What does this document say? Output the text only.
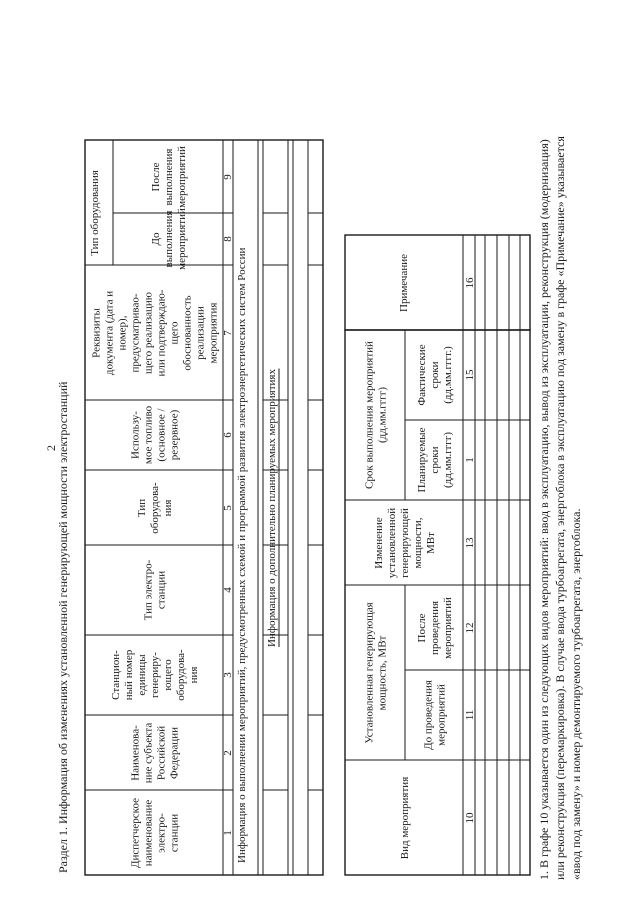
2
Раздел 1. Информация об изменениях установленной генерирующей мощности электростанций	Диспетчерское наименование электро- станции
Наименова- ние субъекта Российской Федерации
Станцион- ный номер единицы генериру- ющего оборудова- ния
Тип электро- станции
Тип оборудова- ния
Использу- мое топливо (основное / резервное)
Реквизиты документа (дата и номер), предусматривао- щего реализацию или подтверждаю- щего обоснованность реализации мероприятия
До выполнения мероприятий
После выполнения мероприятий
Тип оборудования
1
2
3
4
5
6
7
8
9
Информация о выполнении мероприятий, предусмотренных схемой и программой развития электроэнергетических систем России Информация о дополнительно планируемых мероприятиях
Вид мероприятия
Установленная генерирующая мощность, МВт
До проведения мероприятий
После проведения мероприятий
Изменение установленной генерирующей мощности, МВт
Срок выполнения мероприятий (дд.мм.гггг)
Планируемые сроки (дд.мм.гггг)
Фактические сроки (дд.мм.гггг.)
Примечание
10
11
12
13
1
15
16	1. В графе 10 указывается один из следующих видов мероприятий: ввод в эксплуатацию, вывод из эксплуатации, реконструкция (модернизация) или реконструкция (перемаркировка). В случае ввода турбоагрегата, энергоблока в эксплуатацию под замену в графе «Примечание» указывается «ввод под замену» и номер демонтируемого турбоагрегата, энергоблока.
